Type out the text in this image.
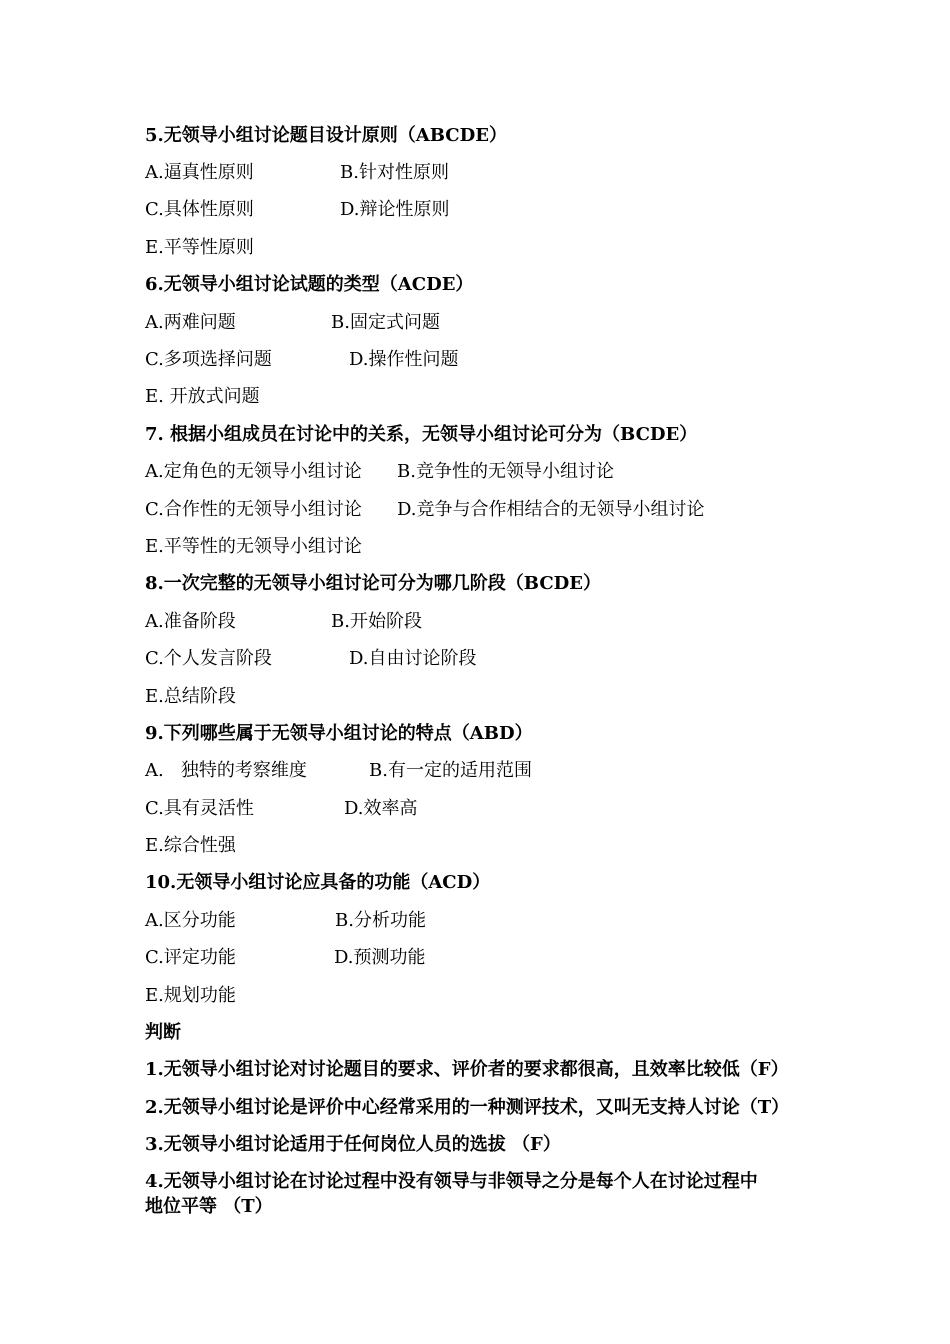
5.无领导小组讨论题目设计原则（ABCDE）
A.逼真性原则	B.针对性原则
C.具体性原则	D.辩论性原则
E.平等性原则
6.无领导小组讨论试题的类型（ACDE）
A.两难问题	B.固定式问题
C.多项选择问题	D.操作性问题
E. 开放式问题
7. 根据小组成员在讨论中的关系，无领导小组讨论可分为（BCDE）
A.定角色的无领导小组讨论 B.竞争性的无领导小组讨论
C.合作性的无领导小组讨论 D.竞争与合作相结合的无领导小组讨论
E.平等性的无领导小组讨论
8.一次完整的无领导小组讨论可分为哪几阶段（BCDE）
A.准备阶段	B.开始阶段
C.个人发言阶段	D.自由讨论阶段
E.总结阶段
9.下列哪些属于无领导小组讨论的特点（ABD）
A.   独特的考察维度	B.有一定的适用范围
C.具有灵活性	D.效率高
E.综合性强
10.无领导小组讨论应具备的功能（ACD）
A.区分功能	B.分析功能
C.评定功能	D.预测功能
E.规划功能
判断
1.无领导小组讨论对讨论题目的要求、评价者的要求都很高，且效率比较低（F）
2.无领导小组讨论是评价中心经常采用的一种测评技术，又叫无支持人讨论（T）
3.无领导小组讨论适用于任何岗位人员的选拔 （F）
4.无领导小组讨论在讨论过程中没有领导与非领导之分是每个人在讨论过程中
地位平等 （T）
